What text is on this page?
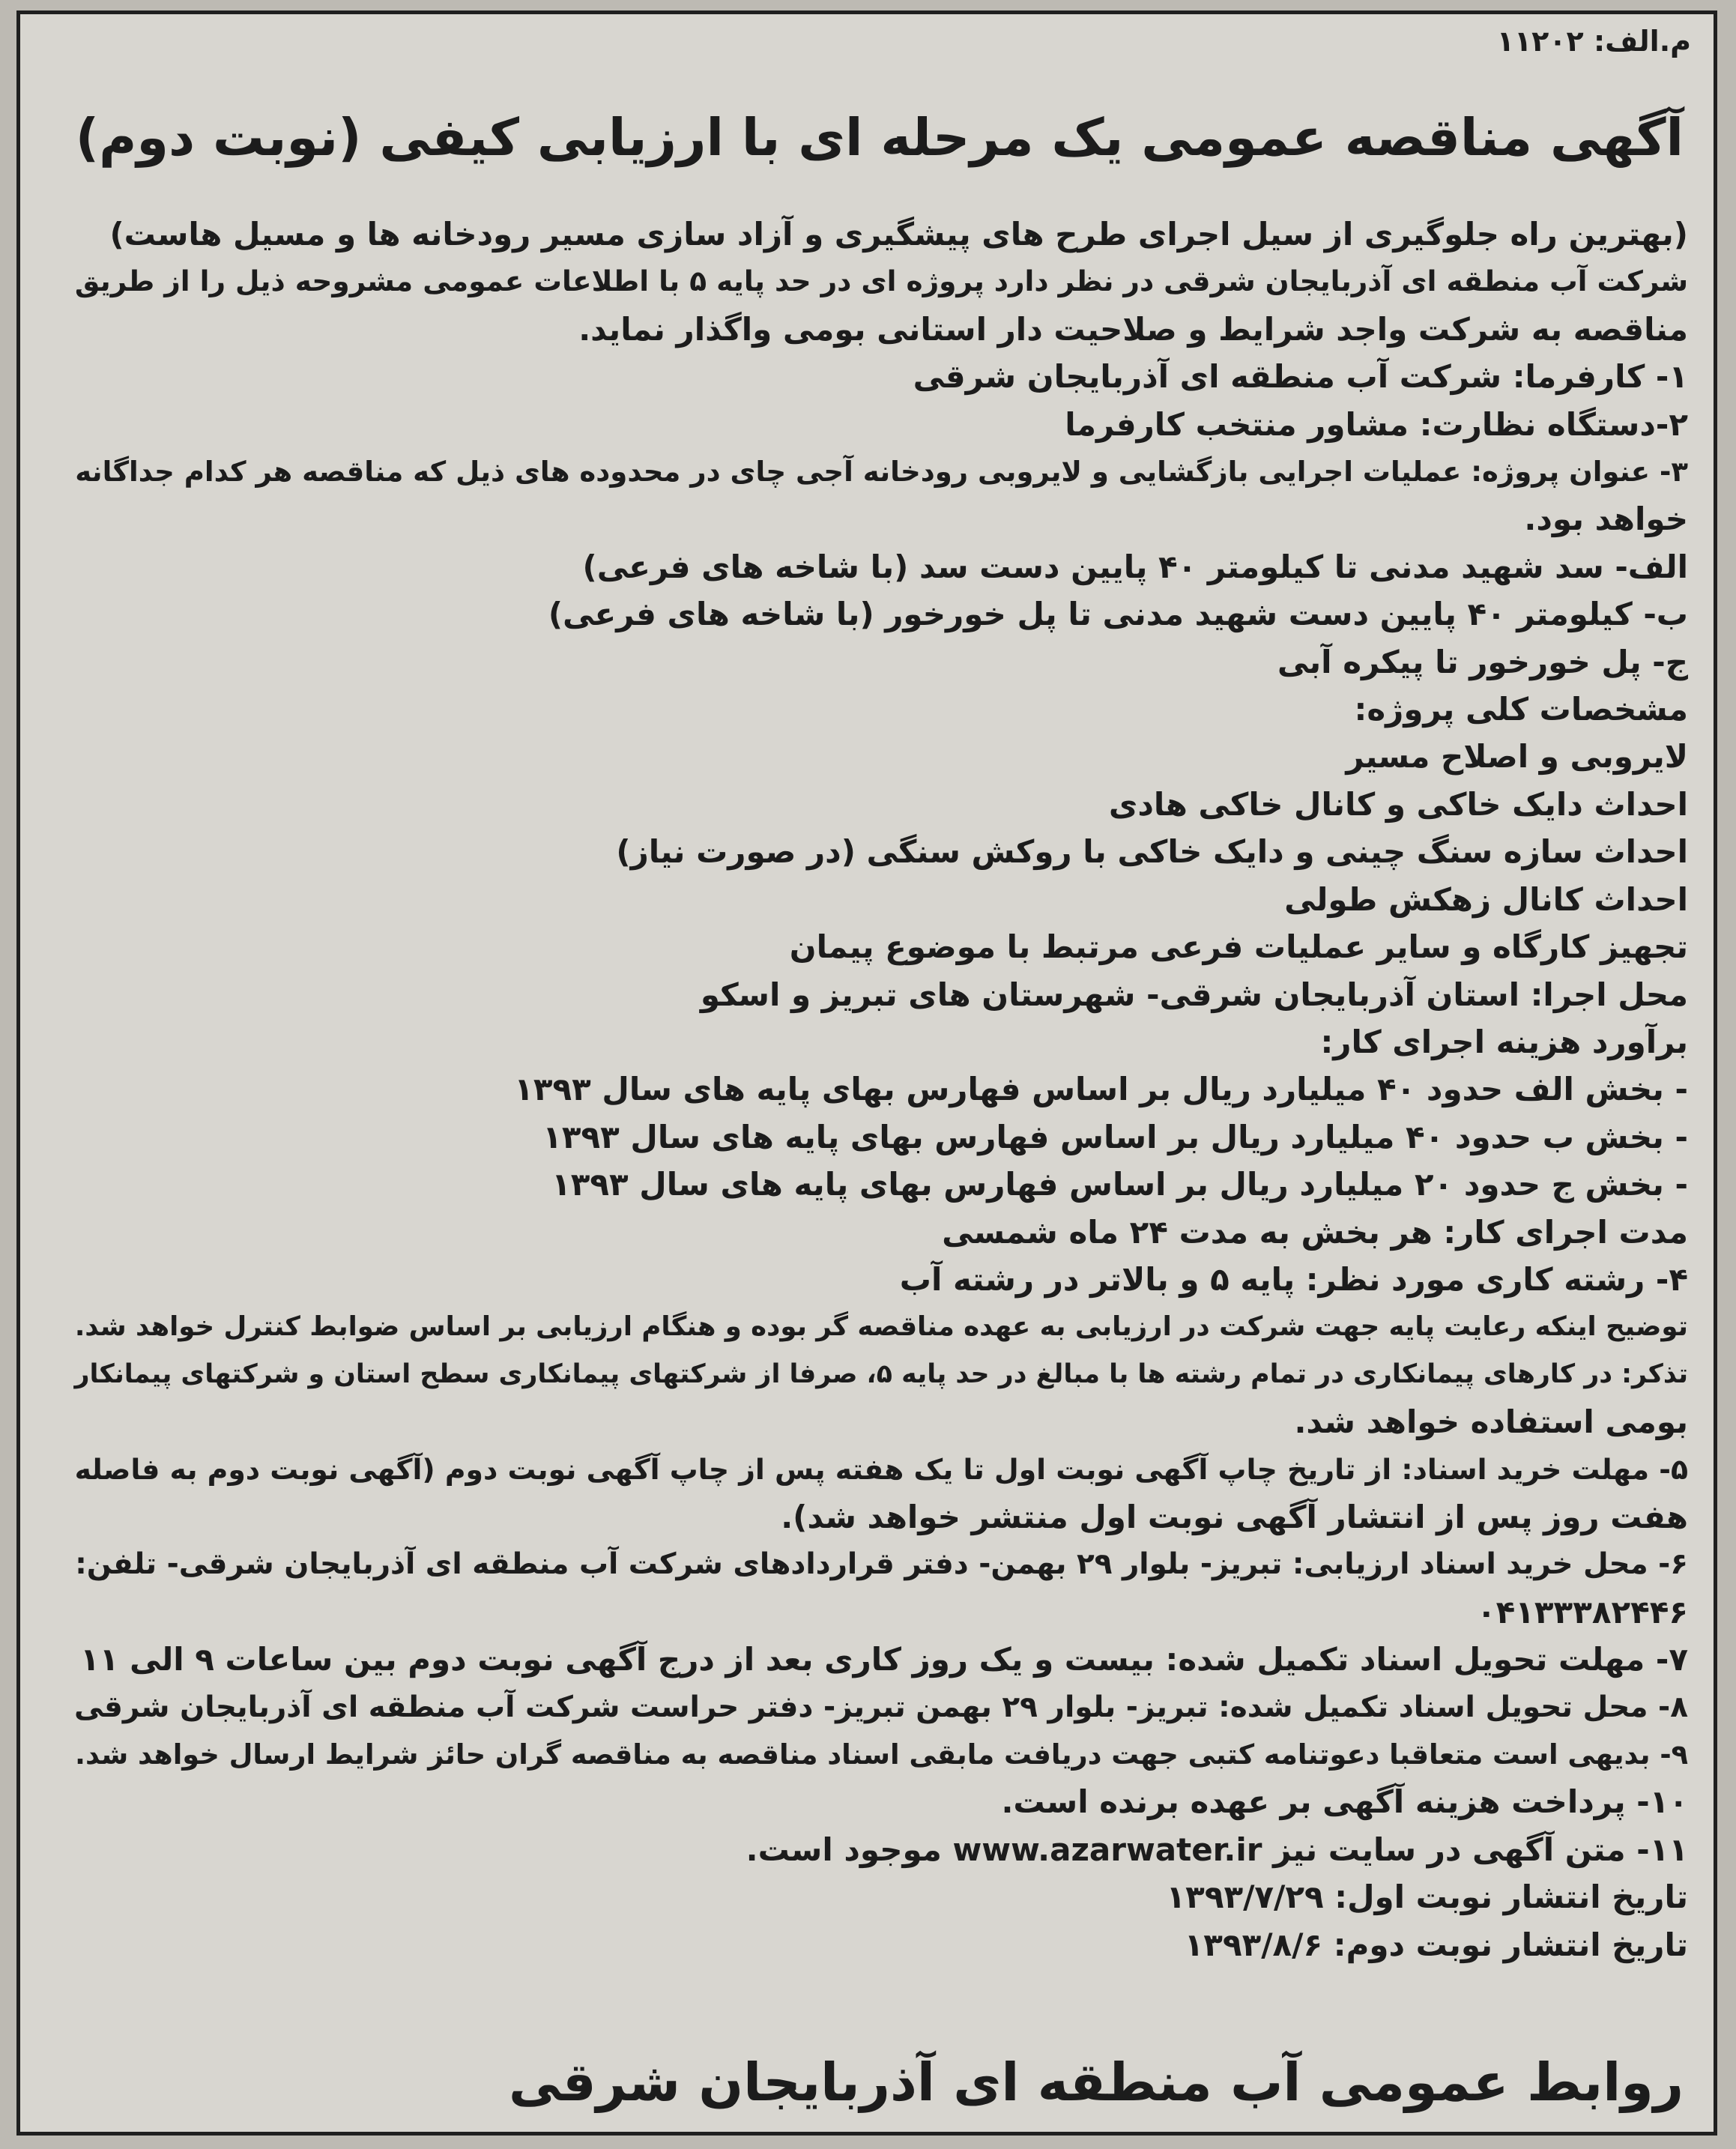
م.الف: ۱۱۲۰۲

آگهی مناقصه عمومی یک مرحله ای با ارزیابی کیفی (نوبت دوم)

(بهترین راه جلوگیری از سیل اجرای طرح های پیشگیری و آزاد سازی مسیر رودخانه ها و مسیل هاست)

شرکت آب منطقه ای آذربایجان شرقی در نظر دارد پروژه ای در حد پایه ۵ با اطلاعات عمومی مشروحه ذیل را از طریق

مناقصه به شرکت واجد شرایط و صلاحیت دار استانی بومی واگذار نماید.

۱- کارفرما: شرکت آب منطقه ای آذربایجان شرقی

۲-دستگاه نظارت: مشاور منتخب کارفرما

۳- عنوان پروژه: عملیات اجرایی بازگشایی و لایروبی رودخانه آجی چای در محدوده های ذیل که مناقصه هر کدام جداگانه

خواهد بود.

الف- سد شهید مدنی تا کیلومتر ۴۰ پایین دست سد (با شاخه های فرعی)

ب- کیلومتر ۴۰ پایین دست شهید مدنی تا پل خورخور (با شاخه های فرعی)

ج- پل خورخور تا پیکره آبی

مشخصات کلی پروژه:

لایروبی و اصلاح مسیر

احداث دایک خاکی و کانال خاکی هادی

احداث سازه سنگ چینی و دایک خاکی با روکش سنگی (در صورت نیاز)

احداث کانال زهکش طولی

تجهیز کارگاه و سایر عملیات فرعی مرتبط با موضوع پیمان

محل اجرا: استان آذربایجان شرقی- شهرستان های تبریز و اسکو

برآورد هزینه اجرای کار:

- بخش الف حدود ۴۰ میلیارد ریال بر اساس فهارس بهای پایه های سال ۱۳۹۳

- بخش ب حدود ۴۰ میلیارد ریال بر اساس فهارس بهای پایه های سال ۱۳۹۳

- بخش ج حدود ۲۰ میلیارد ریال بر اساس فهارس بهای پایه های سال ۱۳۹۳

مدت اجرای کار: هر بخش به مدت ۲۴ ماه شمسی

۴- رشته کاری مورد نظر: پایه ۵ و بالاتر در رشته آب

توضیح اینکه رعایت پایه جهت شرکت در ارزیابی به عهده مناقصه گر بوده و هنگام ارزیابی بر اساس ضوابط کنترل خواهد شد.

تذکر: در کارهای پیمانکاری در تمام رشته ها با مبالغ در حد پایه ۵، صرفا از شرکتهای پیمانکاری سطح استان و شرکتهای پیمانکار

بومی استفاده خواهد شد.

۵- مهلت خرید اسناد: از تاریخ چاپ آگهی نوبت اول تا یک هفته پس از چاپ آگهی نوبت دوم (آگهی نوبت دوم به فاصله

هفت روز پس از انتشار آگهی نوبت اول منتشر خواهد شد).

۶- محل خرید اسناد ارزیابی: تبریز- بلوار ۲۹ بهمن- دفتر قراردادهای شرکت آب منطقه ای آذربایجان شرقی- تلفن:

۰۴۱۳۳۳۸۲۴۴۶

۷- مهلت تحویل اسناد تکمیل شده: بیست و یک روز کاری بعد از درج آگهی نوبت دوم بین ساعات ۹ الی ۱۱

۸- محل تحویل اسناد تکمیل شده: تبریز- بلوار ۲۹ بهمن تبریز- دفتر حراست شرکت آب منطقه ای آذربایجان شرقی

۹- بدیهی است متعاقبا دعوتنامه کتبی جهت دریافت مابقی اسناد مناقصه به مناقصه گران حائز شرایط ارسال خواهد شد.

۱۰- پرداخت هزینه آگهی بر عهده برنده است.

۱۱- متن آگهی در سایت نیز www.azarwater.ir موجود است.

تاریخ انتشار نوبت اول: ۱۳۹۳/۷/۲۹

تاریخ انتشار نوبت دوم: ۱۳۹۳/۸/۶

روابط عمومی آب منطقه ای آذربایجان شرقی
